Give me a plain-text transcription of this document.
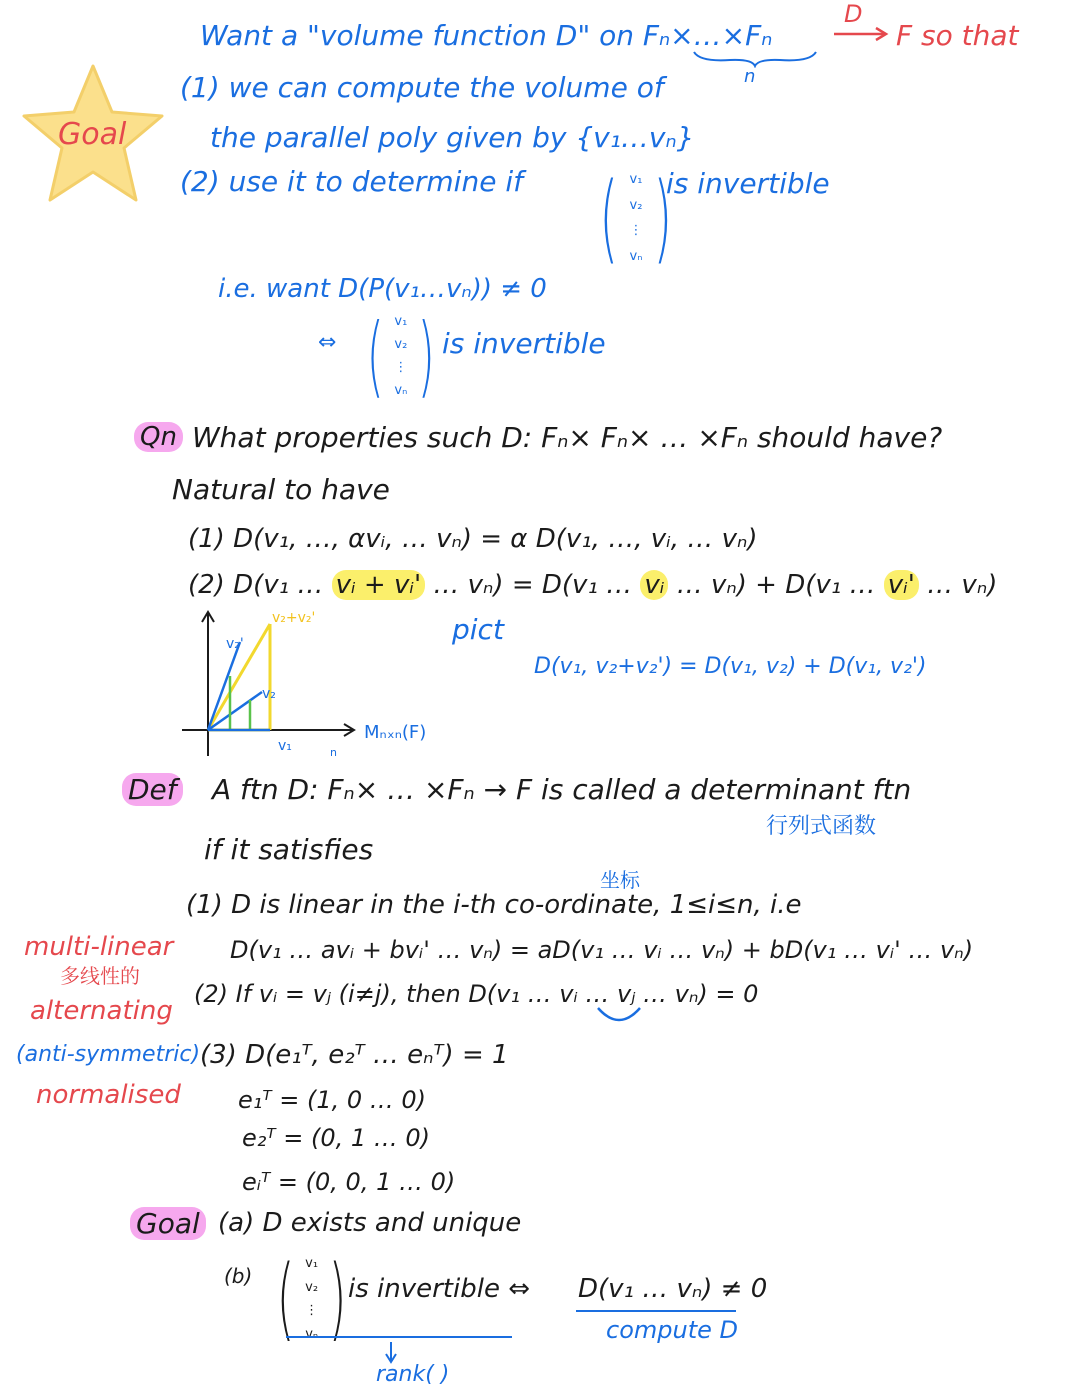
Goal
Want a "volume function D" on Fₙ×…×Fₙ
D
F so that
n
(1) we can compute the volume of
the parallel poly given by {v₁…vₙ}
(2) use it to determine if ( v₁
v₂
⋮
vₙ )
is invertible
i.e. want D(P(v₁…vₙ)) ≠ 0
⇔ ( v₁
v₂
⋮
vₙ ) is invertible
Qn What properties such D: Fₙ× Fₙ× … ×Fₙ should have?
Natural to have
(1) D(v₁, …, αvᵢ, … vₙ) = α D(v₁, …, vᵢ, … vₙ)
(2) D(v₁ … vᵢ + vᵢ' … vₙ) = D(v₁ … vᵢ … vₙ) + D(v₁ … vᵢ' … vₙ)
v₂+v₂'
v₂'
v₂
v₁
Mₙₓₙ(F)
n
pict
D(v₁, v₂+v₂') = D(v₁, v₂) + D(v₁, v₂')
Def A ftn D: Fₙ× … ×Fₙ → F is called a determinant ftn
行列式函数
if it satisfies
坐标
(1) D is linear in the i-th co-ordinate, 1≤i≤n, i.e
D(v₁ … avᵢ + bvᵢ' … vₙ) = aD(v₁ … vᵢ … vₙ) + bD(v₁ … vᵢ' … vₙ)
(2) If vᵢ = vⱼ (i≠j), then D(v₁ … vᵢ … vⱼ … vₙ) = 0
(3) D(e₁ᵀ, e₂ᵀ … eₙᵀ) = 1
e₁ᵀ = (1, 0 … 0)
e₂ᵀ = (0, 1 … 0)
eᵢᵀ = (0, 0, 1 … 0)
multi-linear
多线性的
alternating
(anti-symmetric)
normalised
Goal (a) D exists and unique
(b) ( v₁
v₂
⋮
vₙ ) is invertible ⇔ D(v₁ … vₙ) ≠ 0
compute D
rank( )
